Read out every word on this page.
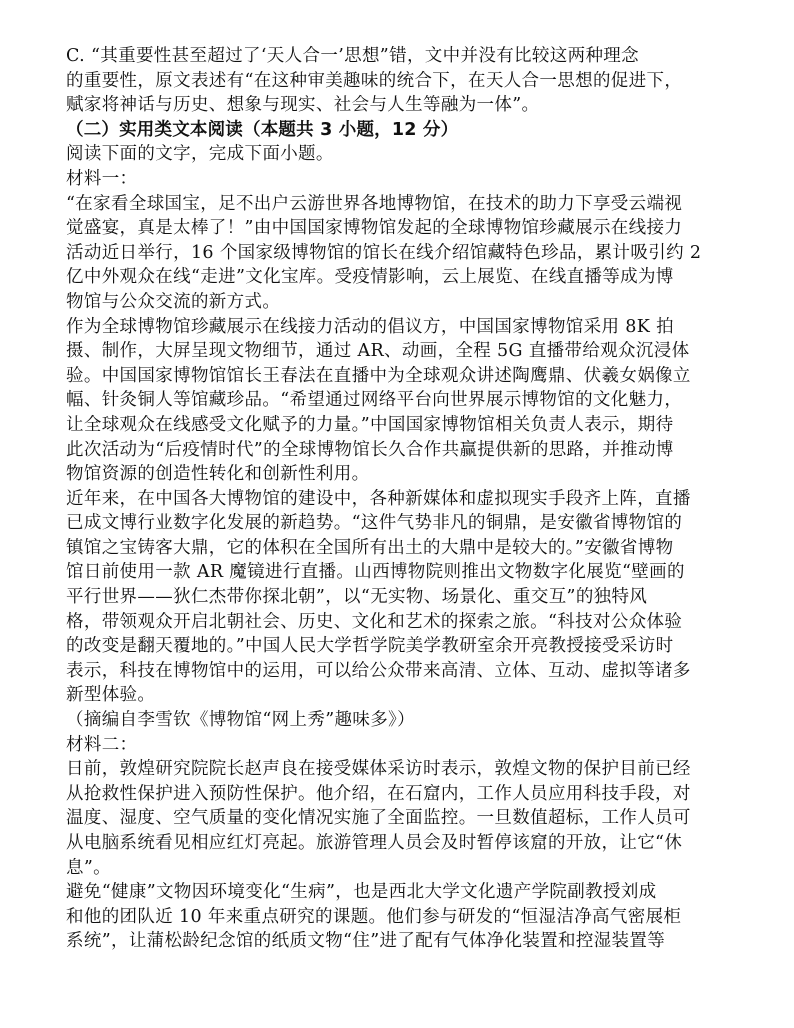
C. “其重要性甚至超过了‘天人合一’思想”错，文中并没有比较这两种理念
的重要性，原文表述有“在这种审美趣味的统合下，在天人合一思想的促进下，
赋家将神话与历史、想象与现实、社会与人生等融为一体”。
（二）实用类文本阅读（本题共 3 小题，12 分）
阅读下面的文字，完成下面小题。
材料一：
“在家看全球国宝，足不出户云游世界各地博物馆，在技术的助力下享受云端视
觉盛宴，真是太棒了！”由中国国家博物馆发起的全球博物馆珍藏展示在线接力
活动近日举行，16 个国家级博物馆的馆长在线介绍馆藏特色珍品，累计吸引约 2
亿中外观众在线“走进”文化宝库。受疫情影响，云上展览、在线直播等成为博
物馆与公众交流的新方式。
作为全球博物馆珍藏展示在线接力活动的倡议方，中国国家博物馆采用 8K 拍
摄、制作，大屏呈现文物细节，通过 AR、动画，全程 5G 直播带给观众沉浸体
验。中国国家博物馆馆长王春法在直播中为全球观众讲述陶鹰鼎、伏羲女娲像立
幅、针灸铜人等馆藏珍品。“希望通过网络平台向世界展示博物馆的文化魅力，
让全球观众在线感受文化赋予的力量。”中国国家博物馆相关负责人表示，期待
此次活动为“后疫情时代”的全球博物馆长久合作共赢提供新的思路，并推动博
物馆资源的创造性转化和创新性利用。
近年来，在中国各大博物馆的建设中，各种新媒体和虚拟现实手段齐上阵，直播
已成文博行业数字化发展的新趋势。“这件气势非凡的铜鼎，是安徽省博物馆的
镇馆之宝铸客大鼎，它的体积在全国所有出土的大鼎中是较大的。”安徽省博物
馆日前使用一款 AR 魔镜进行直播。山西博物院则推出文物数字化展览“壁画的
平行世界——狄仁杰带你探北朝”，以“无实物、场景化、重交互”的独特风
格，带领观众开启北朝社会、历史、文化和艺术的探索之旅。“科技对公众体验
的改变是翻天覆地的。”中国人民大学哲学院美学教研室余开亮教授接受采访时
表示，科技在博物馆中的运用，可以给公众带来高清、立体、互动、虚拟等诸多
新型体验。
（摘编自李雪钦《博物馆“网上秀”趣味多》）
材料二：
日前，敦煌研究院院长赵声良在接受媒体采访时表示，敦煌文物的保护目前已经
从抢救性保护进入预防性保护。他介绍，在石窟内，工作人员应用科技手段，对
温度、湿度、空气质量的变化情况实施了全面监控。一旦数值超标，工作人员可
从电脑系统看见相应红灯亮起。旅游管理人员会及时暂停该窟的开放，让它“休
息”。
避免“健康”文物因环境变化“生病”，也是西北大学文化遗产学院副教授刘成
和他的团队近 10 年来重点研究的课题。他们参与研发的“恒湿洁净高气密展柜
系统”，让蒲松龄纪念馆的纸质文物“住”进了配有气体净化装置和控湿装置等
